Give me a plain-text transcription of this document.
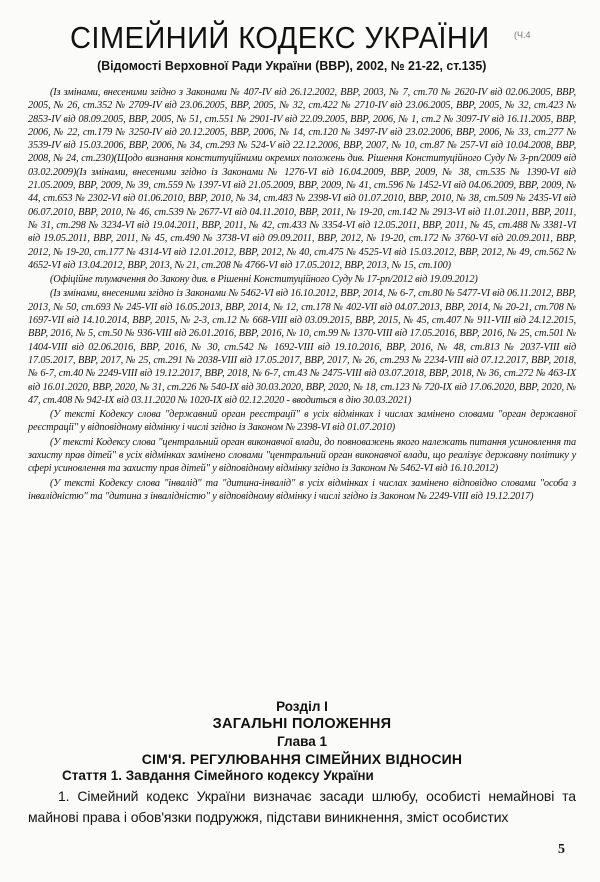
СІМЕЙНИЙ КОДЕКС УКРАЇНИ	(Ч.4
(Відомості Верховної Ради України (ВВР), 2002, № 21-22, ст.135)

(Із змінами, внесеними згідно з Законами № 407-IV від 26.12.2002, ВВР, 2003, № 7, ст.70 № 2620-IV від 02.06.2005, ВВР, 2005, № 26, ст.352 № 2709-IV від 23.06.2005, ВВР, 2005, № 32, ст.422 № 2710-IV від 23.06.2005, ВВР, 2005, № 32, ст.423 № 2853-IV від 08.09.2005, ВВР, 2005, № 51, ст.551 № 2901-IV від 22.09.2005, ВВР, 2006, № 1, ст.2 № 3097-IV від 16.11.2005, ВВР, 2006, № 22, ст.179 № 3250-IV від 20.12.2005, ВВР, 2006, № 14, ст.120 № 3497-IV від 23.02.2006, ВВР, 2006, № 33, ст.277 № 3539-IV від 15.03.2006, ВВР, 2006, № 34, ст.293 № 524-V від 22.12.2006, ВВР, 2007, № 10, ст.87 № 257-VI від 10.04.2008, ВВР, 2008, № 24, ст.230)(Щодо визнання конституційними окремих положень див. Рішення Конституційного Суду № 3-рп/2009 від 03.02.2009)(Із змінами, внесеними згідно із Законами № 1276-VI від 16.04.2009, ВВР, 2009, № 38, ст.535 № 1390-VI від 21.05.2009, ВВР, 2009, № 39, ст.559 № 1397-VI від 21.05.2009, ВВР, 2009, № 41, ст.596 № 1452-VI від 04.06.2009, ВВР, 2009, № 44, ст.653 № 2302-VI від 01.06.2010, ВВР, 2010, № 34, ст.483 № 2398-VI від 01.07.2010, ВВР, 2010, № 38, ст.509 № 2435-VI від 06.07.2010, ВВР, 2010, № 46, ст.539 № 2677-VI від 04.11.2010, ВВР, 2011, № 19-20, ст.142 № 2913-VI від 11.01.2011, ВВР, 2011, № 31, ст.298 № 3234-VI від 19.04.2011, ВВР, 2011, № 42, ст.433 № 3354-VI від 12.05.2011, ВВР, 2011, № 45, ст.488 № 3381-VI від 19.05.2011, ВВР, 2011, № 45, ст.490 № 3738-VI від 09.09.2011, ВВР, 2012, № 19-20, ст.172 № 3760-VI від 20.09.2011, ВВР, 2012, № 19-20, ст.177 № 4314-VI від 12.01.2012, ВВР, 2012, № 40, ст.475 № 4525-VI від 15.03.2012, ВВР, 2012, № 49, ст.562 № 4652-VI від 13.04.2012, ВВР, 2013, № 21, ст.208 № 4766-VI від 17.05.2012, ВВР, 2013, № 15, ст.100)

(Офіційне тлумачення до Закону див. в Рішенні Конституційного Суду № 17-рп/2012 від 19.09.2012)

(Із змінами, внесеними згідно із Законами № 5462-VI від 16.10.2012, ВВР, 2014, № 6-7, ст.80 № 5477-VI від 06.11.2012, ВВР, 2013, № 50, ст.693 № 245-VII від 16.05.2013, ВВР, 2014, № 12, ст.178 № 402-VII від 04.07.2013, ВВР, 2014, № 20-21, ст.708 № 1697-VII від 14.10.2014, ВВР, 2015, № 2-3, ст.12 № 668-VIII від 03.09.2015, ВВР, 2015, № 45, ст.407 № 911-VIII від 24.12.2015, ВВР, 2016, № 5, ст.50 № 936-VIII від 26.01.2016, ВВР, 2016, № 10, ст.99 № 1370-VIII від 17.05.2016, ВВР, 2016, № 25, ст.501 № 1404-VIII від 02.06.2016, ВВР, 2016, № 30, ст.542 № 1692-VIII від 19.10.2016, ВВР, 2016, № 48, ст.813 № 2037-VIII від 17.05.2017, ВВР, 2017, № 25, ст.291 № 2038-VIII від 17.05.2017, ВВР, 2017, № 26, ст.293 № 2234-VIII від 07.12.2017, ВВР, 2018, № 6-7, ст.40 № 2249-VIII від 19.12.2017, ВВР, 2018, № 6-7, ст.43 № 2475-VIII від 03.07.2018, ВВР, 2018, № 36, ст.272 № 463-IX від 16.01.2020, ВВР, 2020, № 31, ст.226 № 540-IX від 30.03.2020, ВВР, 2020, № 18, ст.123 № 720-IX від 17.06.2020, ВВР, 2020, № 47, ст.408 № 942-IX від 03.11.2020 № 1020-IX від 02.12.2020 - вводиться в дію 30.03.2021)

(У тексті Кодексу слова "державний орган реєстрації" в усіх відмінках і числах замінено словами "орган державної реєстрації" у відповідному відмінку і числі згідно із Законом № 2398-VI від 01.07.2010)

(У тексті Кодексу слова "центральний орган виконавчої влади, до повноважень якого належать питання усиновлення та захисту прав дітей" в усіх відмінках замінено словами "центральний орган виконавчої влади, що реалізує державну політику у сфері усиновлення та захисту прав дітей" у відповідному відмінку згідно із Законом № 5462-VI від 16.10.2012)

(У тексті Кодексу слова "інвалід" та "дитина-інвалід" в усіх відмінках і числах замінено відповідно словами "особа з інвалідністю" та "дитина з інвалідністю" у відповідному відмінку і числі згідно із Законом № 2249-VIII від 19.12.2017)

Розділ I
ЗАГАЛЬНІ ПОЛОЖЕННЯ
Глава 1
СІМ'Я. РЕГУЛЮВАННЯ СІМЕЙНИХ ВІДНОСИН
Стаття 1. Завдання Сімейного кодексу України
1. Сімейний кодекс України визначає засади шлюбу, особисті немайнові та майнові права і обов'язки подружжя, підстави виникнення, зміст особистих
5
